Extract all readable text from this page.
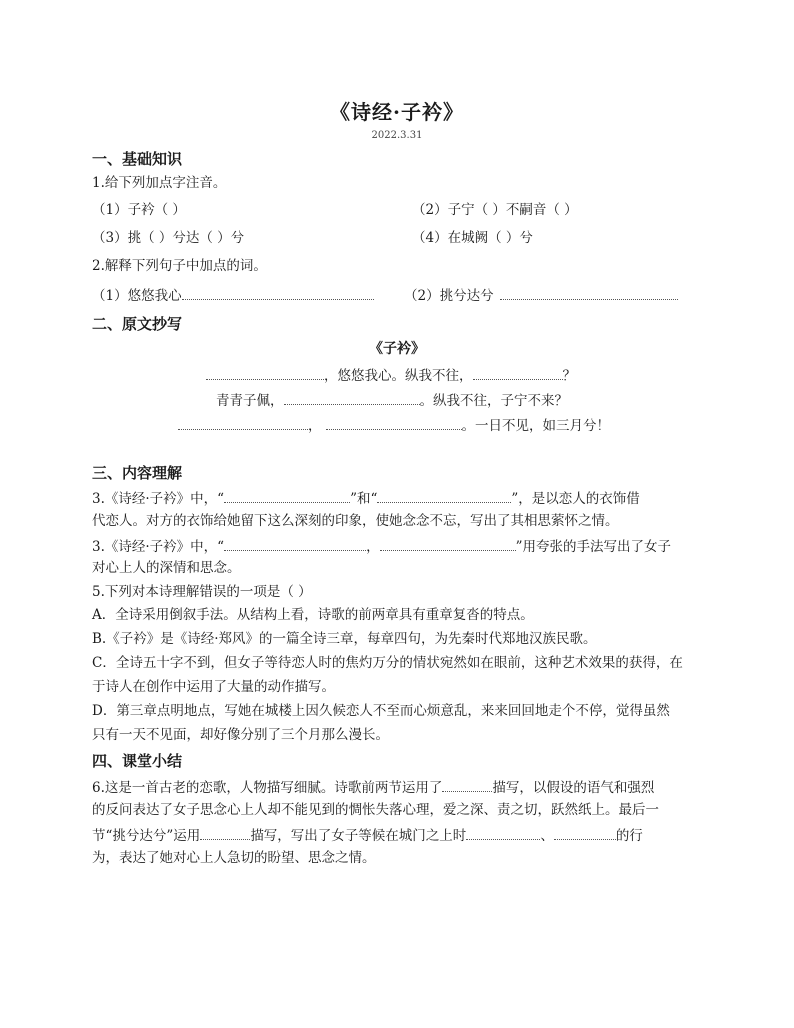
《诗经·子衿》
2022.3.31
一、基础知识
1.给下列加点字注音。
（1）子衿（ ）	（2）子宁（ ）不嗣音（ ）
（3）挑（ ）兮达（ ）兮	（4）在城阙（ ）兮
2.解释下列句子中加点的词。
（1）悠悠我心	（2）挑兮达兮
二、原文抄写
《子衿》
，悠悠我心。纵我不往，	？
青青子佩，	。纵我不往，子宁不来？
，	。一日不见，如三月兮！
三、内容理解
3.《诗经·子衿》中，“	”和“	”，是以恋人的衣饰借
代恋人。对方的衣饰给她留下这么深刻的印象，使她念念不忘，写出了其相思萦怀之情。
3.《诗经·子衿》中，“	，	”用夸张的手法写出了女子
对心上人的深情和思念。
5.下列对本诗理解错误的一项是（ ）
A．全诗采用倒叙手法。从结构上看，诗歌的前两章具有重章复沓的特点。
B.《子衿》是《诗经·郑风》的一篇全诗三章，每章四句，为先秦时代郑地汉族民歌。
C．全诗五十字不到，但女子等待恋人时的焦灼万分的情状宛然如在眼前，这种艺术效果的获得，在
于诗人在创作中运用了大量的动作描写。
D．第三章点明地点，写她在城楼上因久候恋人不至而心烦意乱，来来回回地走个不停，觉得虽然
只有一天不见面，却好像分别了三个月那么漫长。
四、课堂小结
6.这是一首古老的恋歌，人物描写细腻。诗歌前两节运用了	描写，以假设的语气和强烈
的反问表达了女子思念心上人却不能见到的惆怅失落心理，爱之深、责之切，跃然纸上。最后一
节“挑兮达兮”运用	描写，写出了女子等候在城门之上时	、	的行
为，表达了她对心上人急切的盼望、思念之情。
